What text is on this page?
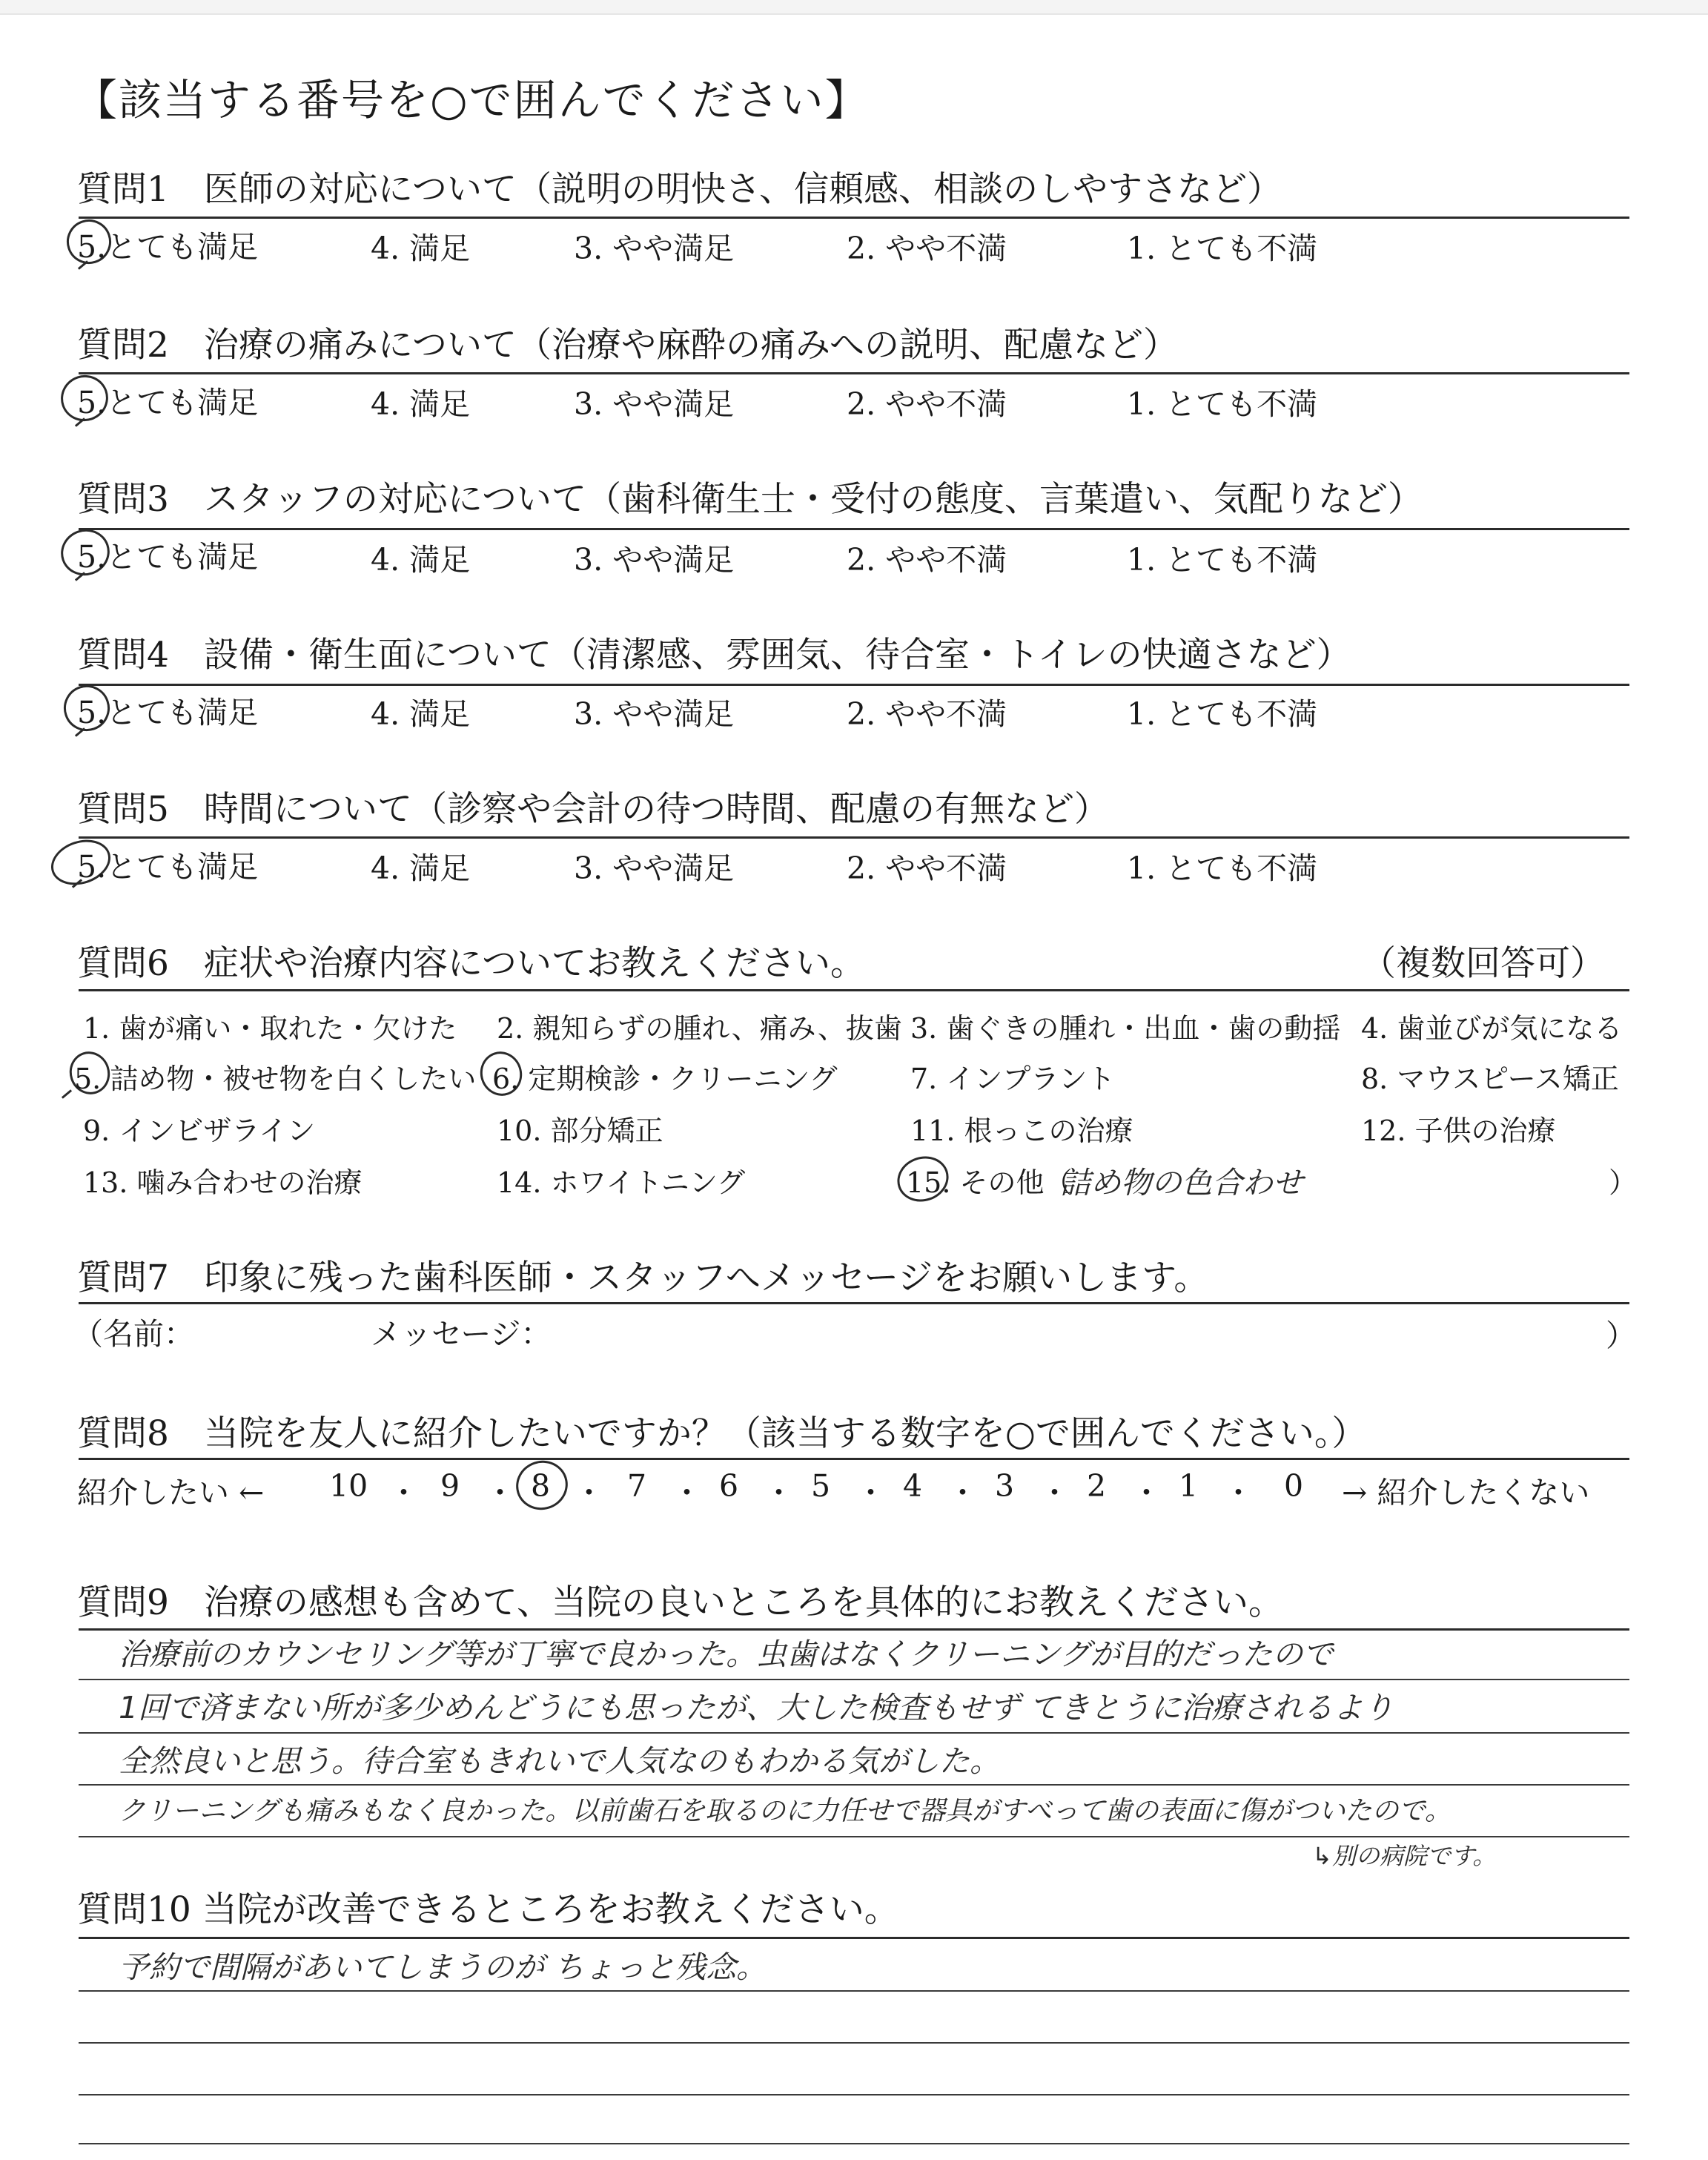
【該当する番号を○で囲んでください】
質問1　医師の対応について（説明の明快さ、信頼感、相談のしやすさなど）
5.とても満足	4. 満足	3. やや満足	2. やや不満	1. とても不満
質問2　治療の痛みについて（治療や麻酔の痛みへの説明、配慮など）
5.とても満足	4. 満足	3. やや満足	2. やや不満	1. とても不満
質問3　スタッフの対応について（歯科衛生士・受付の態度、言葉遣い、気配りなど）
5.とても満足	4. 満足	3. やや満足	2. やや不満	1. とても不満
質問4　設備・衛生面について（清潔感、雰囲気、待合室・トイレの快適さなど）
5.とても満足	4. 満足	3. やや満足	2. やや不満	1. とても不満
質問5　時間について（診察や会計の待つ時間、配慮の有無など）
5.とても満足	4. 満足	3. やや満足	2. やや不満	1. とても不満
質問6　症状や治療内容についてお教えください。	（複数回答可）
1. 歯が痛い・取れた・欠けた 2. 親知らずの腫れ、痛み、抜歯 3. 歯ぐきの腫れ・出血・歯の動揺 4. 歯並びが気になる
5. 詰め物・被せ物を白くしたい 6. 定期検診・クリーニング	7. インプラント	8. マウスピース矯正
9. インビザライン	10. 部分矯正	11. 根っこの治療	12. 子供の治療
13. 噛み合わせの治療	14. ホワイトニング	15. その他（
詰め物の色合わせ	）
質問7　印象に残った歯科医師・スタッフへメッセージをお願いします。
（名前：	メッセージ：	）
質問8　当院を友人に紹介したいですか？（該当する数字を○で囲んでください。）
紹介したい ← 10 ・ 9 ・ 8 ・ 7 ・ 6 ・ 5 ・ 4 ・ 3 ・ 2 ・ 1 ・ 0 → 紹介したくない
質問9　治療の感想も含めて、当院の良いところを具体的にお教えください。
治療前のカウンセリング等が丁寧で良かった。虫歯はなくクリーニングが目的だったので
1回で済まない所が多少めんどうにも思ったが、大した検査もせず てきとうに治療されるより
全然良いと思う。待合室もきれいで人気なのもわかる気がした。
クリーニングも痛みもなく良かった。以前歯石を取るのに力任せで器具がすべって歯の表面に傷がついたので。
↳別の病院です。
質問10 当院が改善できるところをお教えください。
予約で間隔があいてしまうのが ちょっと残念。
